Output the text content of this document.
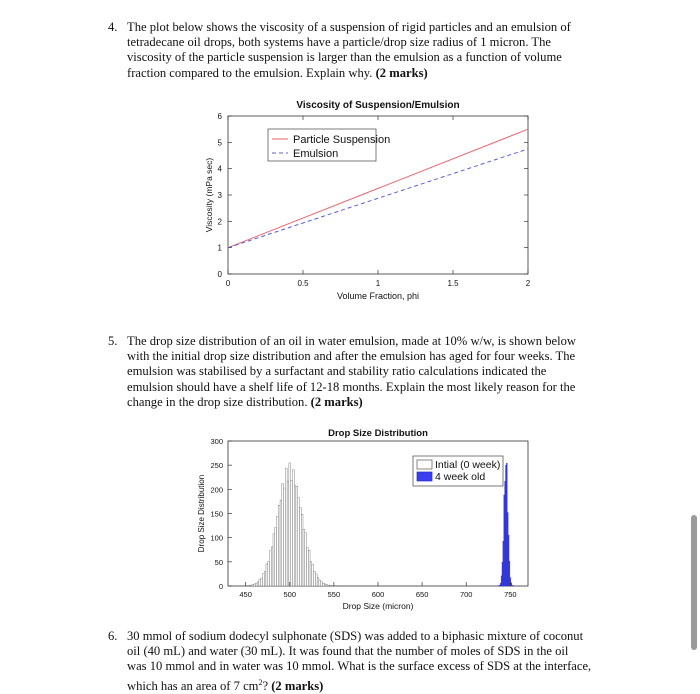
4. The plot below shows the viscosity of a suspension of rigid particles and an emulsion of
tetradecane oil drops, both systems have a particle/drop size radius of 1 micron. The
viscosity of the particle suspension is larger than the emulsion as a function of volume
fraction compared to the emulsion. Explain why. (2 marks)
Viscosity of Suspension/Emulsion
0	0.5	1	1.5	2
0
1
2
3
4
5
6
Volume Fraction, phi
Viscosity (mPa sec)
Particle Suspension
Emulsion
5. The drop size distribution of an oil in water emulsion, made at 10% w/w, is shown below
with the initial drop size distribution and after the emulsion has aged for four weeks. The
emulsion was stabilised by a surfactant and stability ratio calculations indicated the
emulsion should have a shelf life of 12-18 months. Explain the most likely reason for the
change in the drop size distribution. (2 marks)
Drop Size Distribution
450	500	550	600	650	700	750
0
50
100
150
200
250
300
Drop Size (micron)
Drop Size Distribution
Intial (0 week)
4 week old
6. 30 mmol of sodium dodecyl sulphonate (SDS) was added to a biphasic mixture of coconut
oil (40 mL) and water (30 mL). It was found that the number of moles of SDS in the oil
was 10 mmol and in water was 10 mmol. What is the surface excess of SDS at the interface,
which has an area of 7 $cm^2$? (2 marks)
